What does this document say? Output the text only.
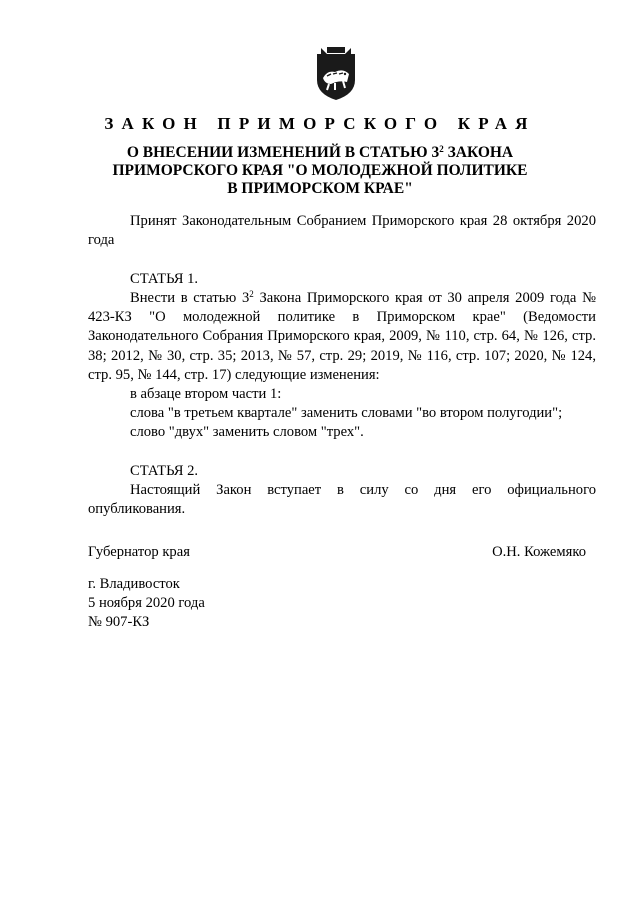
ЗАКОН ПРИМОРСКОГО КРАЯ
О ВНЕСЕНИИ ИЗМЕНЕНИЙ В СТАТЬЮ $3^2$ ЗАКОНА
ПРИМОРСКОГО КРАЯ "О МОЛОДЕЖНОЙ ПОЛИТИКЕ
В ПРИМОРСКОМ КРАЕ"
Принят Законодательным Собранием Приморского края 28 октября 2020 года
СТАТЬЯ 1.
Внести в статью $3^2$ Закона Приморского края от 30 апреля 2009 года № 423-КЗ "О молодежной политике в Приморском крае" (Ведомости Законодательного Собрания Приморского края, 2009, № 110, стр. 64, № 126, стр. 38; 2012, № 30, стр. 35; 2013, № 57, стр. 29; 2019, № 116, стр. 107; 2020, № 124, стр. 95, № 144, стр. 17) следующие изменения:
в абзаце втором части 1:
слова "в третьем квартале" заменить словами "во втором полугодии";
слово "двух" заменить словом "трех".
СТАТЬЯ 2.
Настоящий Закон вступает в силу со дня его официального опубликования.
Губернатор края	О.Н. Кожемяко
г. Владивосток
5 ноября 2020 года
№ 907-КЗ
